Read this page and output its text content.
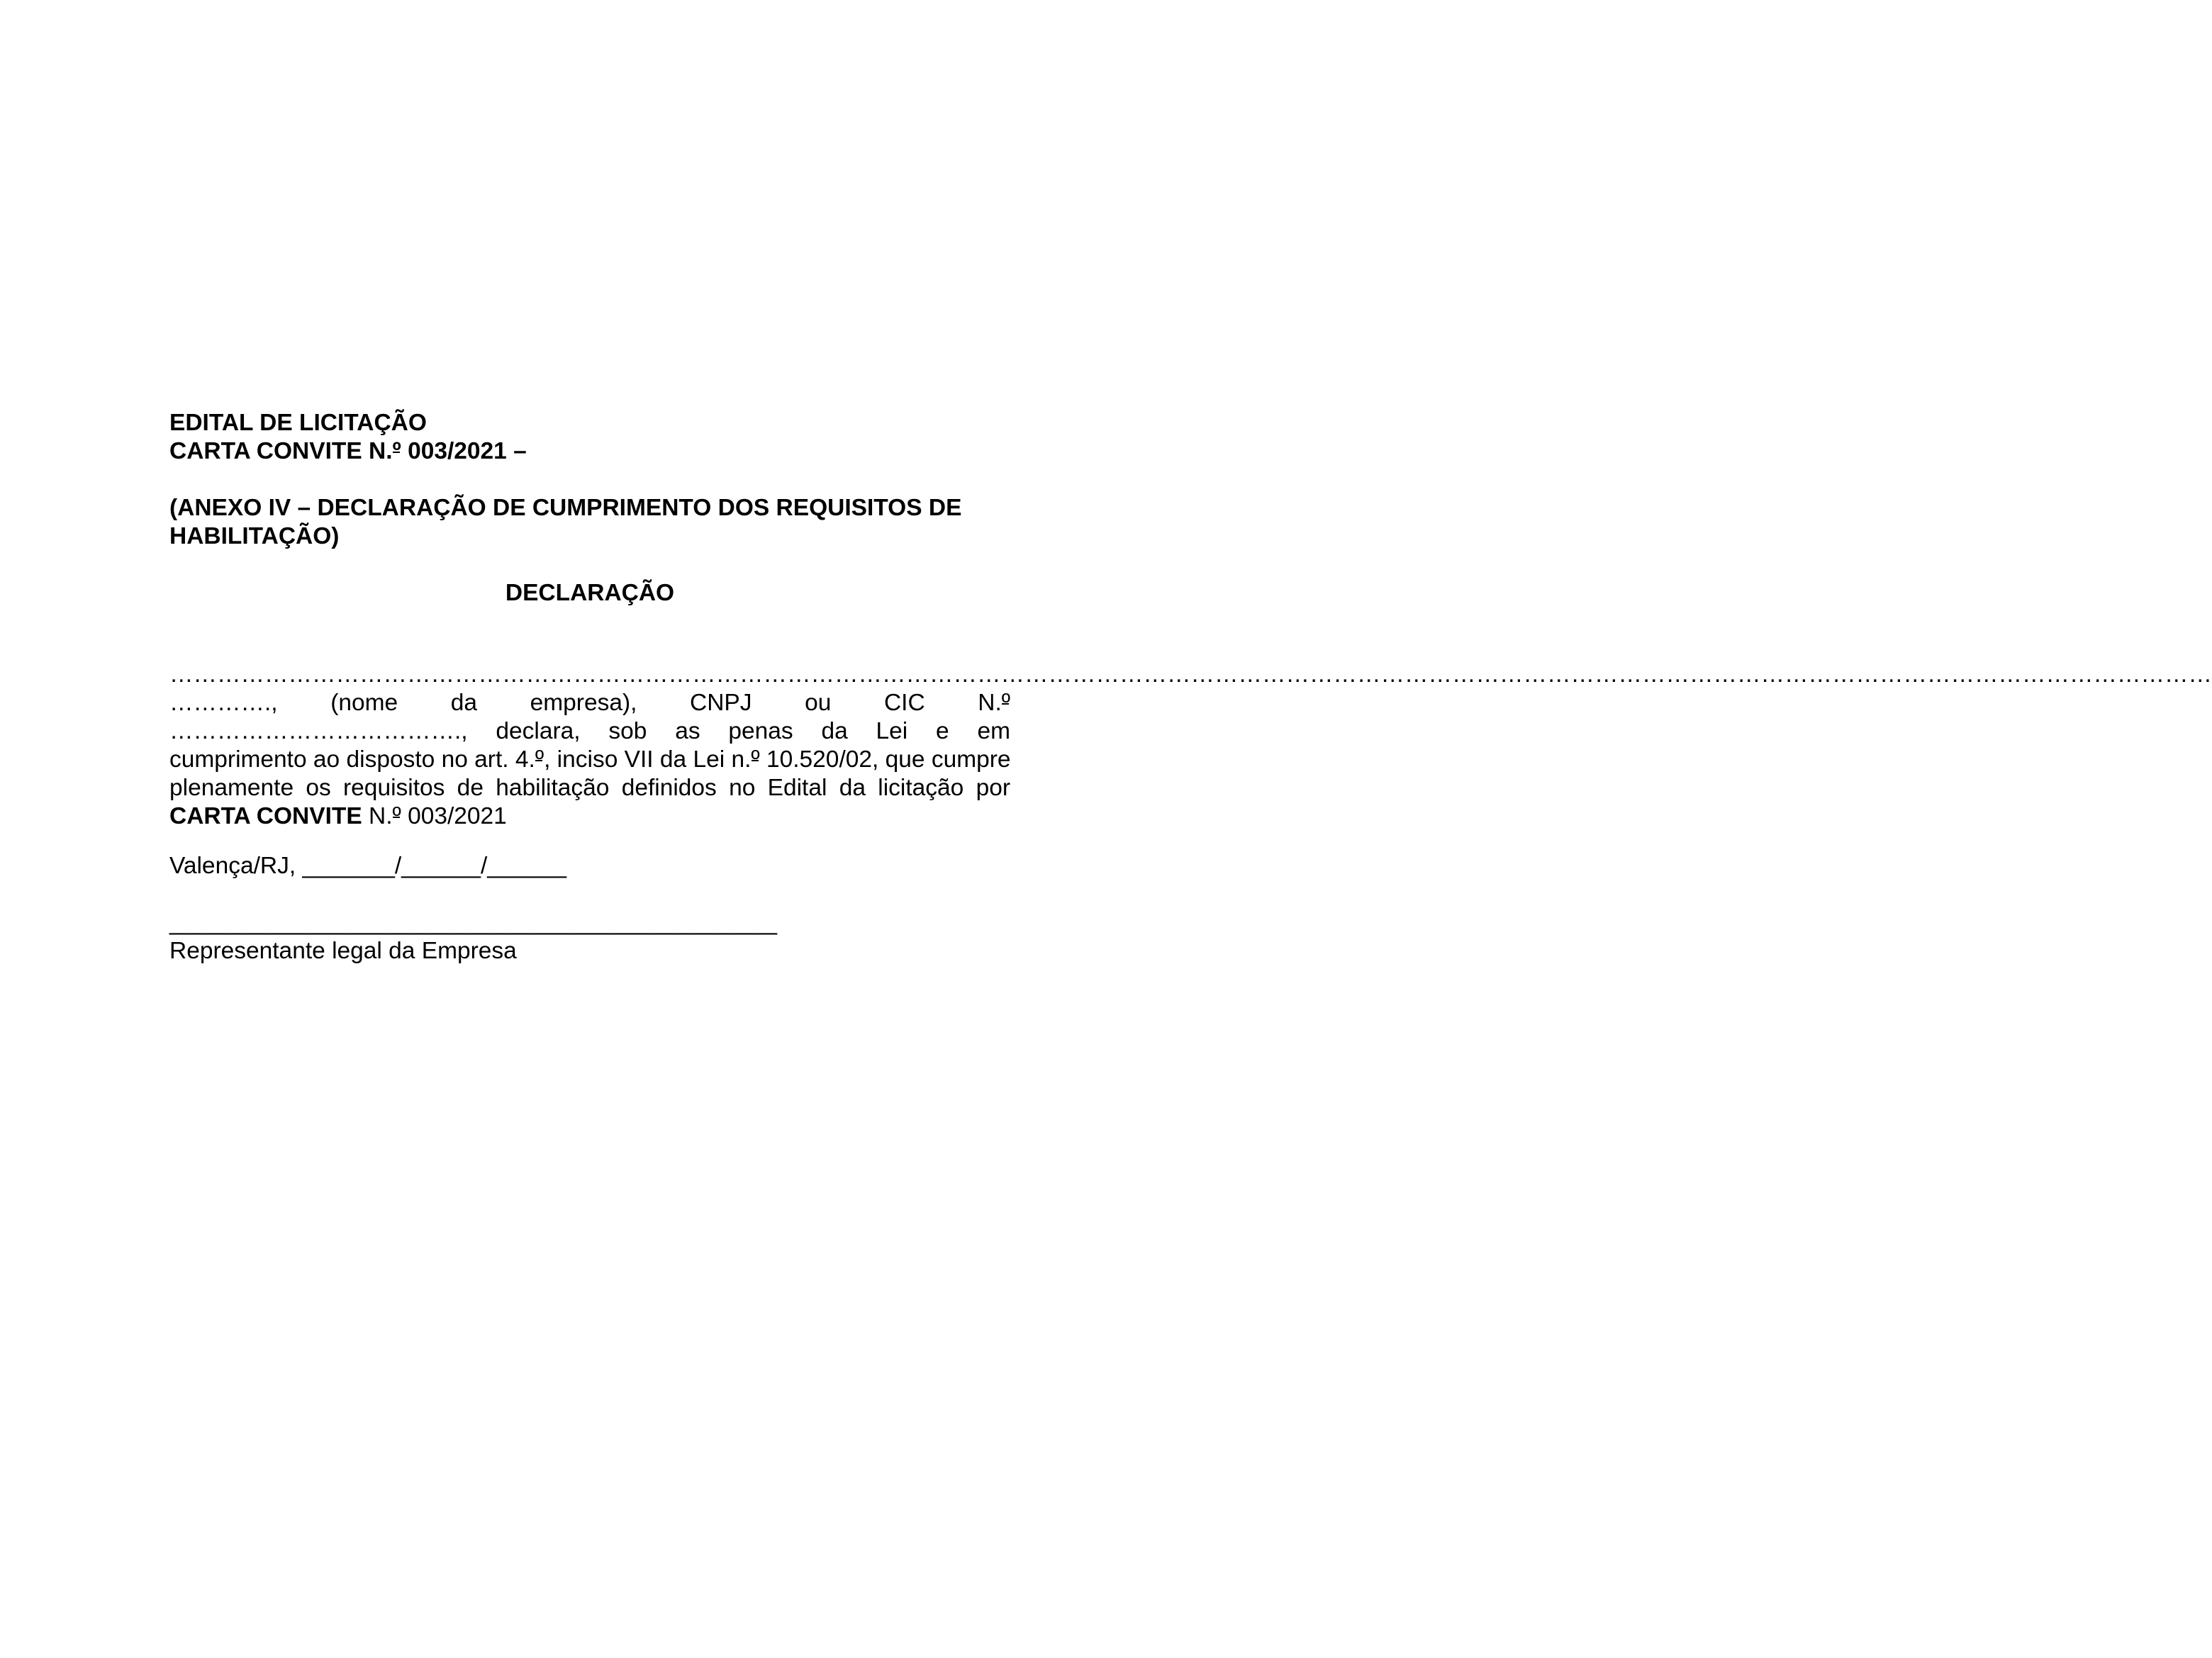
EDITAL DE LICITAÇÃO
CARTA CONVITE N.º 003/2021 –
(ANEXO IV – DECLARAÇÃO DE CUMPRIMENTO DOS REQUISITOS DE
HABILITAÇÃO)
DECLARAÇÃO
……………………………………………………………………………………………………………………………………………………………………………………………………………………………………
…………., (nome da empresa), CNPJ ou CIC N.º
………………………………., declara, sob as penas da Lei e em
cumprimento ao disposto no art. 4.º, inciso VII da Lei n.º 10.520/02, que cumpre
plenamente os requisitos de habilitação definidos no Edital da licitação por
CARTA CONVITE N.º 003/2021
Valença/RJ, _______/______/______
______________________________________________
Representante legal da Empresa
